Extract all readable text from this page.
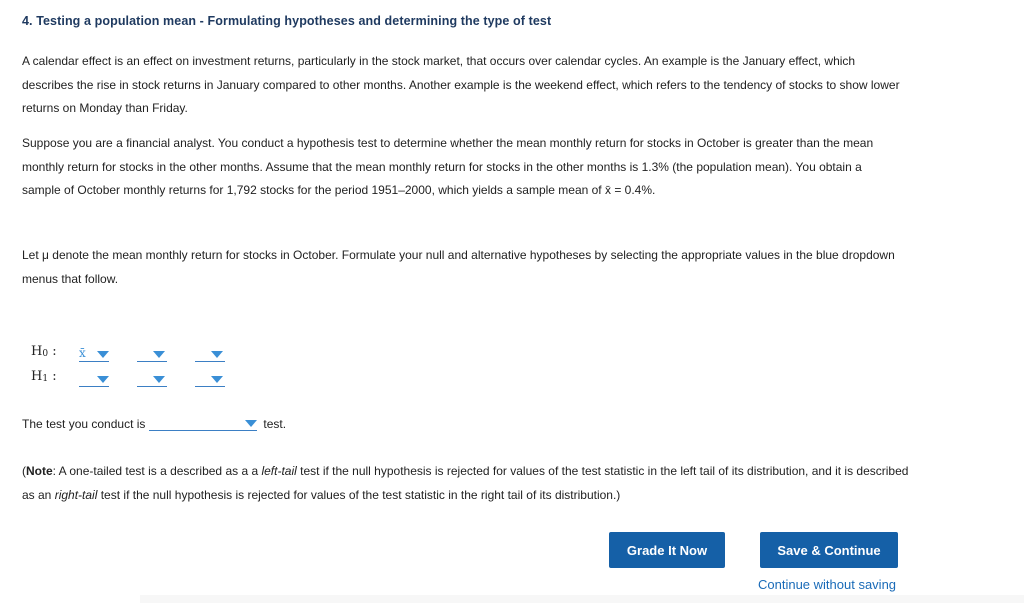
4. Testing a population mean - Formulating hypotheses and determining the type of test
A calendar effect is an effect on investment returns, particularly in the stock market, that occurs over calendar cycles. An example is the January effect, which describes the rise in stock returns in January compared to other months. Another example is the weekend effect, which refers to the tendency of stocks to show lower returns on Monday than Friday.
Suppose you are a financial analyst. You conduct a hypothesis test to determine whether the mean monthly return for stocks in October is greater than the mean monthly return for stocks in the other months. Assume that the mean monthly return for stocks in the other months is 1.3% (the population mean). You obtain a sample of October monthly returns for 1,792 stocks for the period 1951–2000, which yields a sample mean of x̄ = 0.4%.
Let μ denote the mean monthly return for stocks in October. Formulate your null and alternative hypotheses by selecting the appropriate values in the blue dropdown menus that follow.
$H_0$ :	x̄
$H_1$ :
The test you conduct is	test.
(Note: A one-tailed test is a described as a a left-tail test if the null hypothesis is rejected for values of the test statistic in the left tail of its distribution, and it is described as an right-tail test if the null hypothesis is rejected for values of the test statistic in the right tail of its distribution.)
Grade It Now	Save & Continue
Continue without saving
